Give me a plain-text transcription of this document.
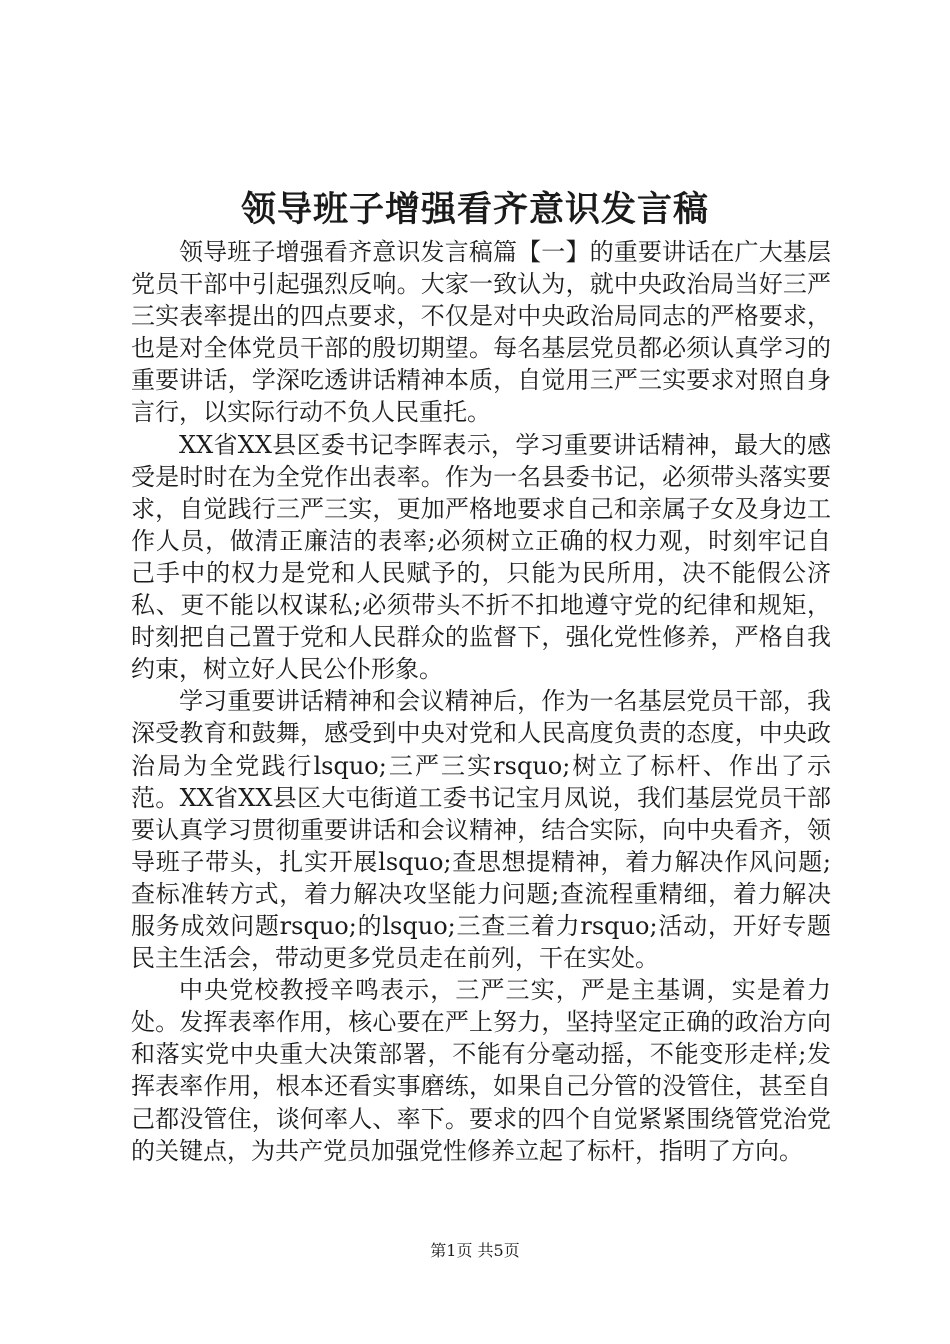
领导班子增强看齐意识发言稿

领导班子增强看齐意识发言稿篇【一】的重要讲话在广大基层党员干部中引起强烈反响。大家一致认为，就中央政治局当好三严三实表率提出的四点要求，不仅是对中央政治局同志的严格要求，也是对全体党员干部的殷切期望。每名基层党员都必须认真学习的重要讲话，学深吃透讲话精神本质，自觉用三严三实要求对照自身言行，以实际行动不负人民重托。

XX省XX县区委书记李晖表示，学习重要讲话精神，最大的感受是时时在为全党作出表率。作为一名县委书记，必须带头落实要求，自觉践行三严三实，更加严格地要求自己和亲属子女及身边工作人员，做清正廉洁的表率;必须树立正确的权力观，时刻牢记自己手中的权力是党和人民赋予的，只能为民所用，决不能假公济私、更不能以权谋私;必须带头不折不扣地遵守党的纪律和规矩，时刻把自己置于党和人民群众的监督下，强化党性修养，严格自我约束，树立好人民公仆形象。

学习重要讲话精神和会议精神后，作为一名基层党员干部，我深受教育和鼓舞，感受到中央对党和人民高度负责的态度，中央政治局为全党践行lsquo;三严三实rsquo;树立了标杆、作出了示范。XX省XX县区大屯街道工委书记宝月凤说，我们基层党员干部要认真学习贯彻重要讲话和会议精神，结合实际，向中央看齐，领导班子带头，扎实开展lsquo;查思想提精神，着力解决作风问题;查标准转方式，着力解决攻坚能力问题;查流程重精细，着力解决服务成效问题rsquo;的lsquo;三查三着力rsquo;活动，开好专题民主生活会，带动更多党员走在前列，干在实处。

中央党校教授辛鸣表示，三严三实，严是主基调，实是着力处。发挥表率作用，核心要在严上努力，坚持坚定正确的政治方向和落实党中央重大决策部署，不能有分毫动摇，不能变形走样;发挥表率作用，根本还看实事磨练，如果自己分管的没管住，甚至自己都没管住，谈何率人、率下。要求的四个自觉紧紧围绕管党治党的关键点，为共产党员加强党性修养立起了标杆，指明了方向。

第1页 共5页
